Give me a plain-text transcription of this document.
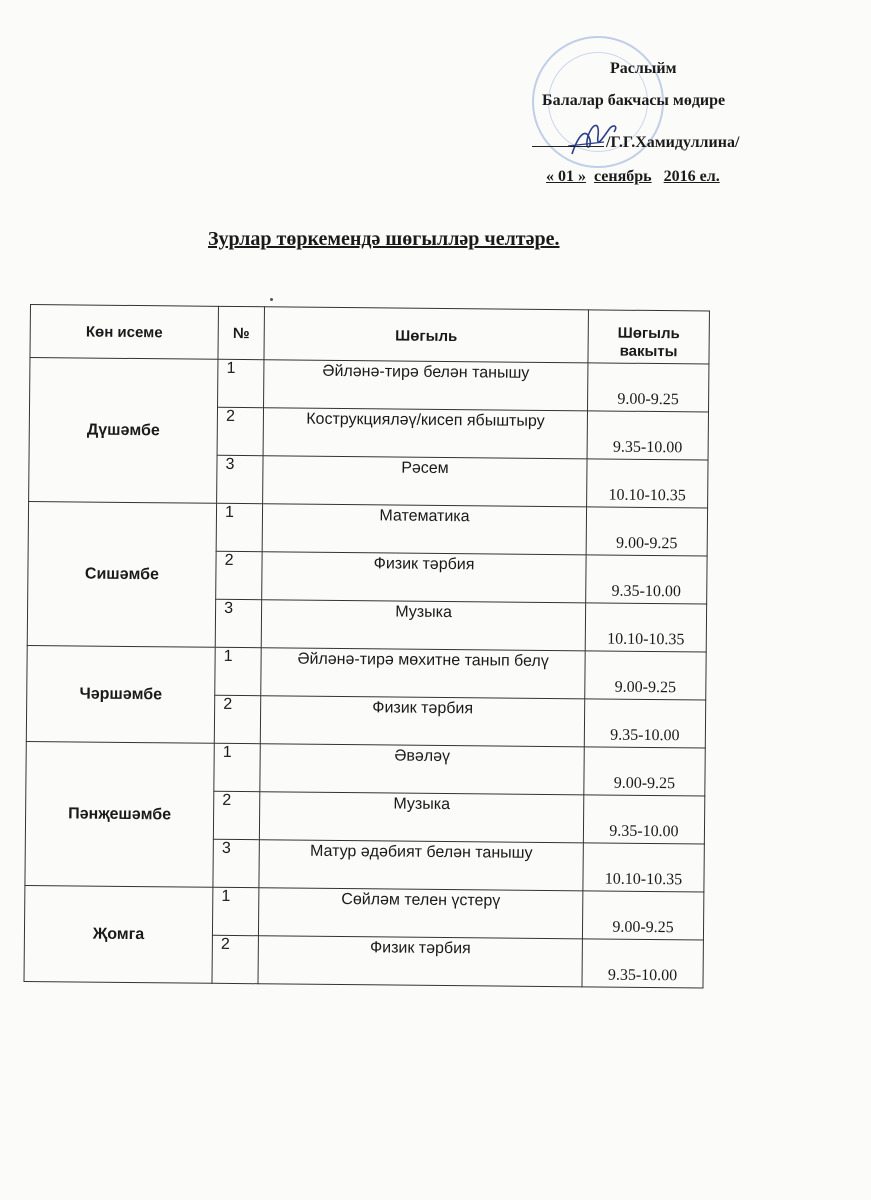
Раслыйм
Балалар бакчасы мөдире
/Г.Г.Хамидуллина/
« 01 » сенябрь 2016 ел.
Зурлар төркемендә шөгылләр челтәре.
Көн исеме	№	Шөгыль	Шөгыль вакыты
Дүшәмбе	1	Әйләнә-тирә белән танышу	9.00-9.25
	2	Кострукцияләү/кисеп ябыштыру	9.35-10.00
	3	Рәсем	10.10-10.35
Сишәмбе	1	Математика	9.00-9.25
	2	Физик тәрбия	9.35-10.00
	3	Музыка	10.10-10.35
Чәршәмбе	1	Әйләнә-тирә мөхитне танып белү	9.00-9.25
	2	Физик тәрбия	9.35-10.00
Пәнҗешәмбе	1	Әвәләү	9.00-9.25
	2	Музыка	9.35-10.00
	3	Матур әдәбият белән танышу	10.10-10.35
Җомга	1	Сөйләм телен үстерү	9.00-9.25
	2	Физик тәрбия	9.35-10.00
